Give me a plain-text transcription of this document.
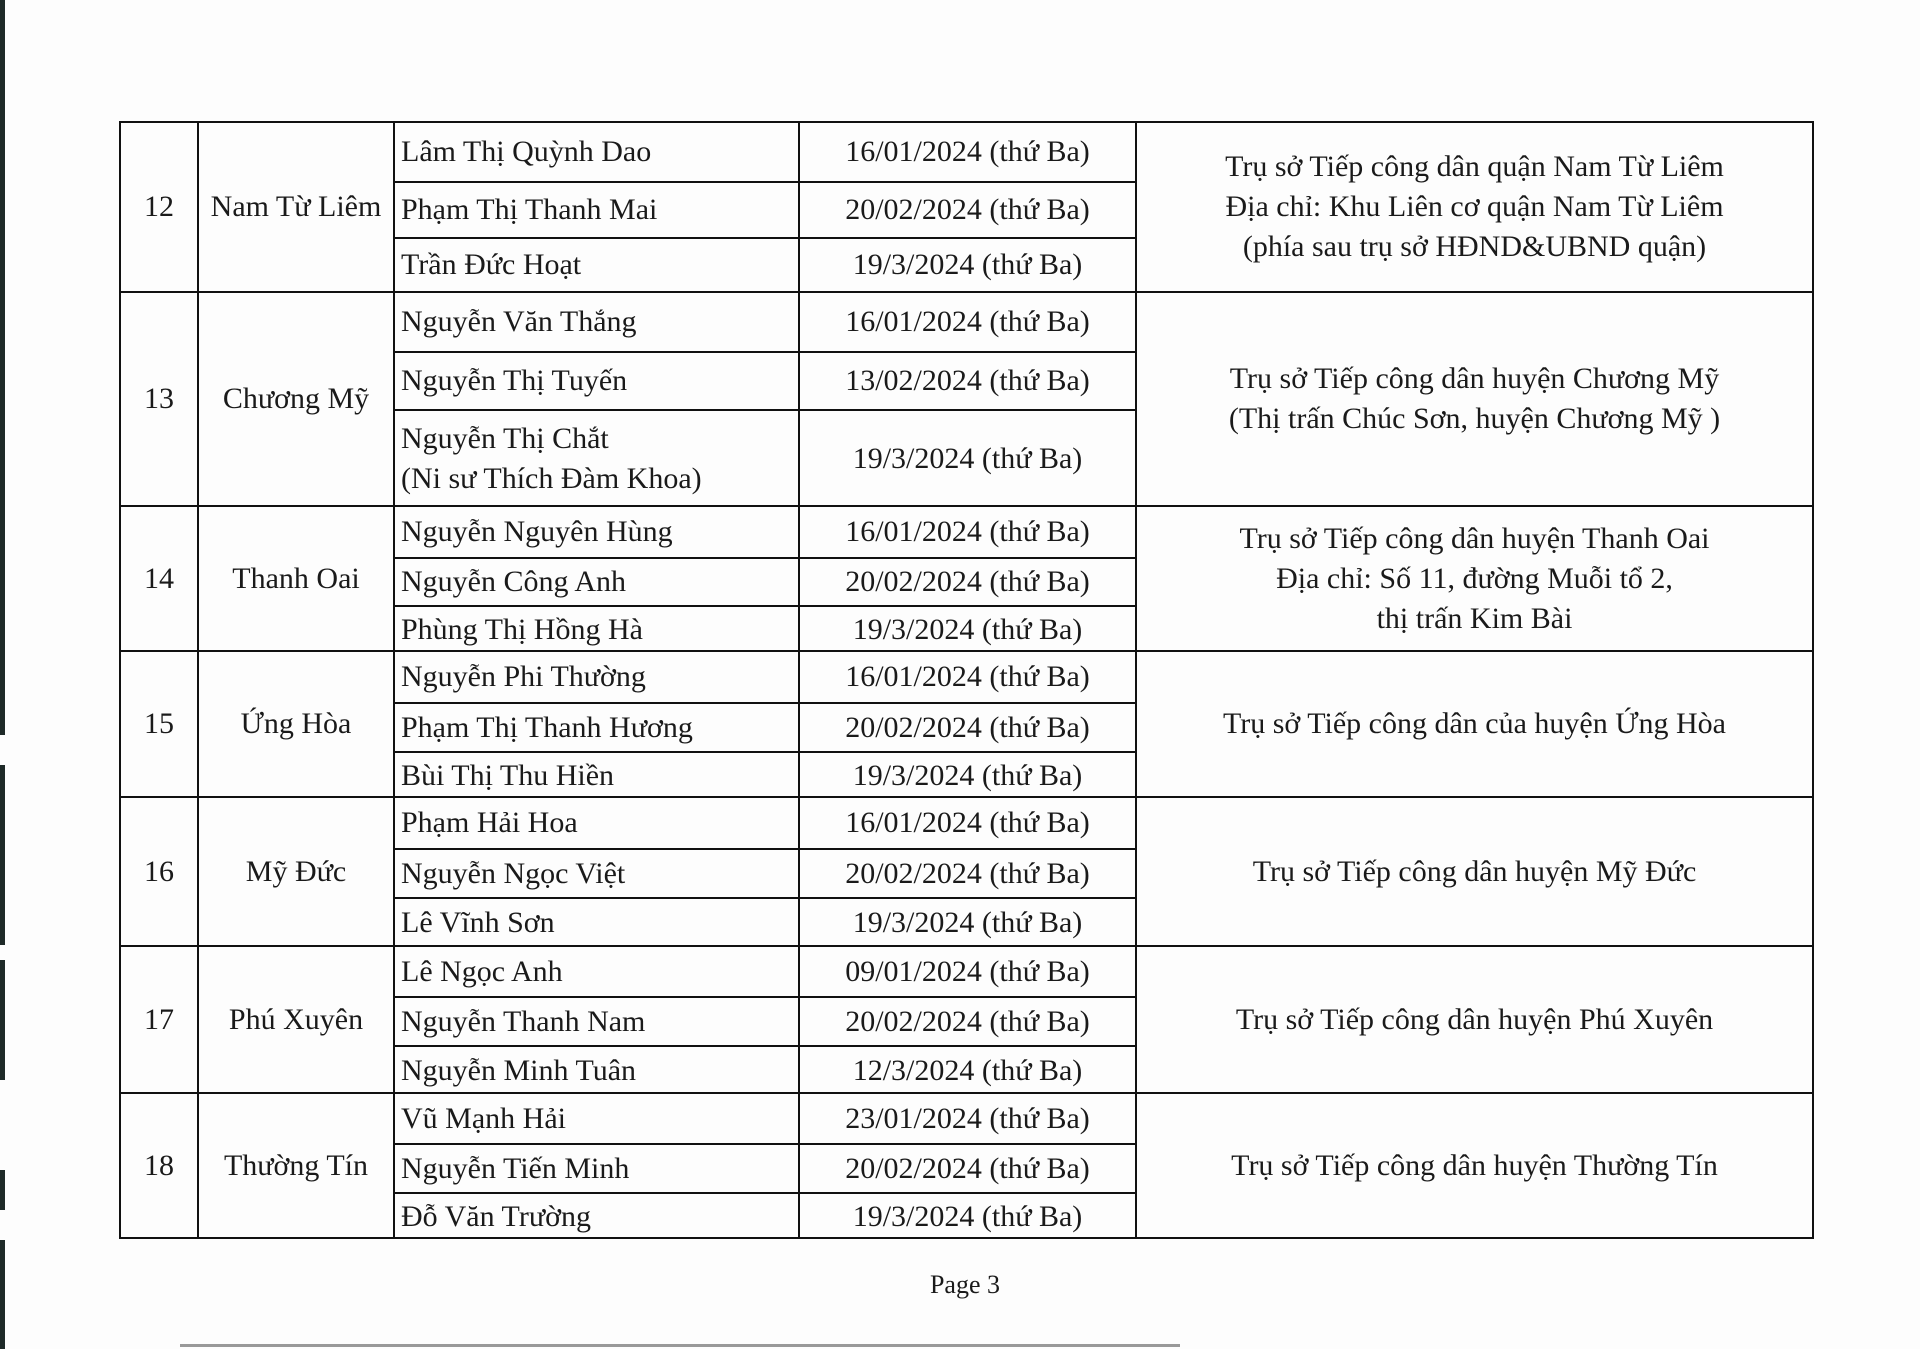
12	Nam Từ Liêm
Lâm Thị Quỳnh Dao	16/01/2024 (thứ Ba)
Phạm Thị Thanh Mai	20/02/2024 (thứ Ba)
Trần Đức Hoạt	19/3/2024 (thứ Ba)
Trụ sở Tiếp công dân quận Nam Từ Liêm
Địa chỉ: Khu Liên cơ quận Nam Từ Liêm
(phía sau trụ sở HĐND&UBND quận)
13	Chương Mỹ
Nguyễn Văn Thắng	16/01/2024 (thứ Ba)
Nguyễn Thị Tuyến	13/02/2024 (thứ Ba)
Nguyễn Thị Chắt
(Ni sư Thích Đàm Khoa)
19/3/2024 (thứ Ba)
Trụ sở Tiếp công dân huyện Chương Mỹ
(Thị trấn Chúc Sơn, huyện Chương Mỹ )
14	Thanh Oai
Nguyễn Nguyên Hùng	16/01/2024 (thứ Ba)
Nguyễn Công Anh	20/02/2024 (thứ Ba)
Phùng Thị Hồng Hà	19/3/2024 (thứ Ba)
Trụ sở Tiếp công dân huyện Thanh Oai
Địa chỉ: Số 11, đường Muỗi tổ 2,
thị trấn Kim Bài
15	Ứng Hòa
Nguyễn Phi Thường	16/01/2024 (thứ Ba)
Phạm Thị Thanh Hương	20/02/2024 (thứ Ba)
Bùi Thị Thu Hiền	19/3/2024 (thứ Ba)
Trụ sở Tiếp công dân của huyện Ứng Hòa
16	Mỹ Đức
Phạm Hải Hoa	16/01/2024 (thứ Ba)
Nguyễn Ngọc Việt	20/02/2024 (thứ Ba)
Lê Vĩnh Sơn	19/3/2024 (thứ Ba)
Trụ sở Tiếp công dân huyện Mỹ Đức
17	Phú Xuyên
Lê Ngọc Anh	09/01/2024 (thứ Ba)
Nguyễn Thanh Nam	20/02/2024 (thứ Ba)
Nguyễn Minh Tuân	12/3/2024 (thứ Ba)
Trụ sở Tiếp công dân huyện Phú Xuyên
18	Thường Tín
Vũ Mạnh Hải	23/01/2024 (thứ Ba)
Nguyễn Tiến Minh	20/02/2024 (thứ Ba)
Đỗ Văn Trường	19/3/2024 (thứ Ba)
Trụ sở Tiếp công dân huyện Thường Tín
Page 3
